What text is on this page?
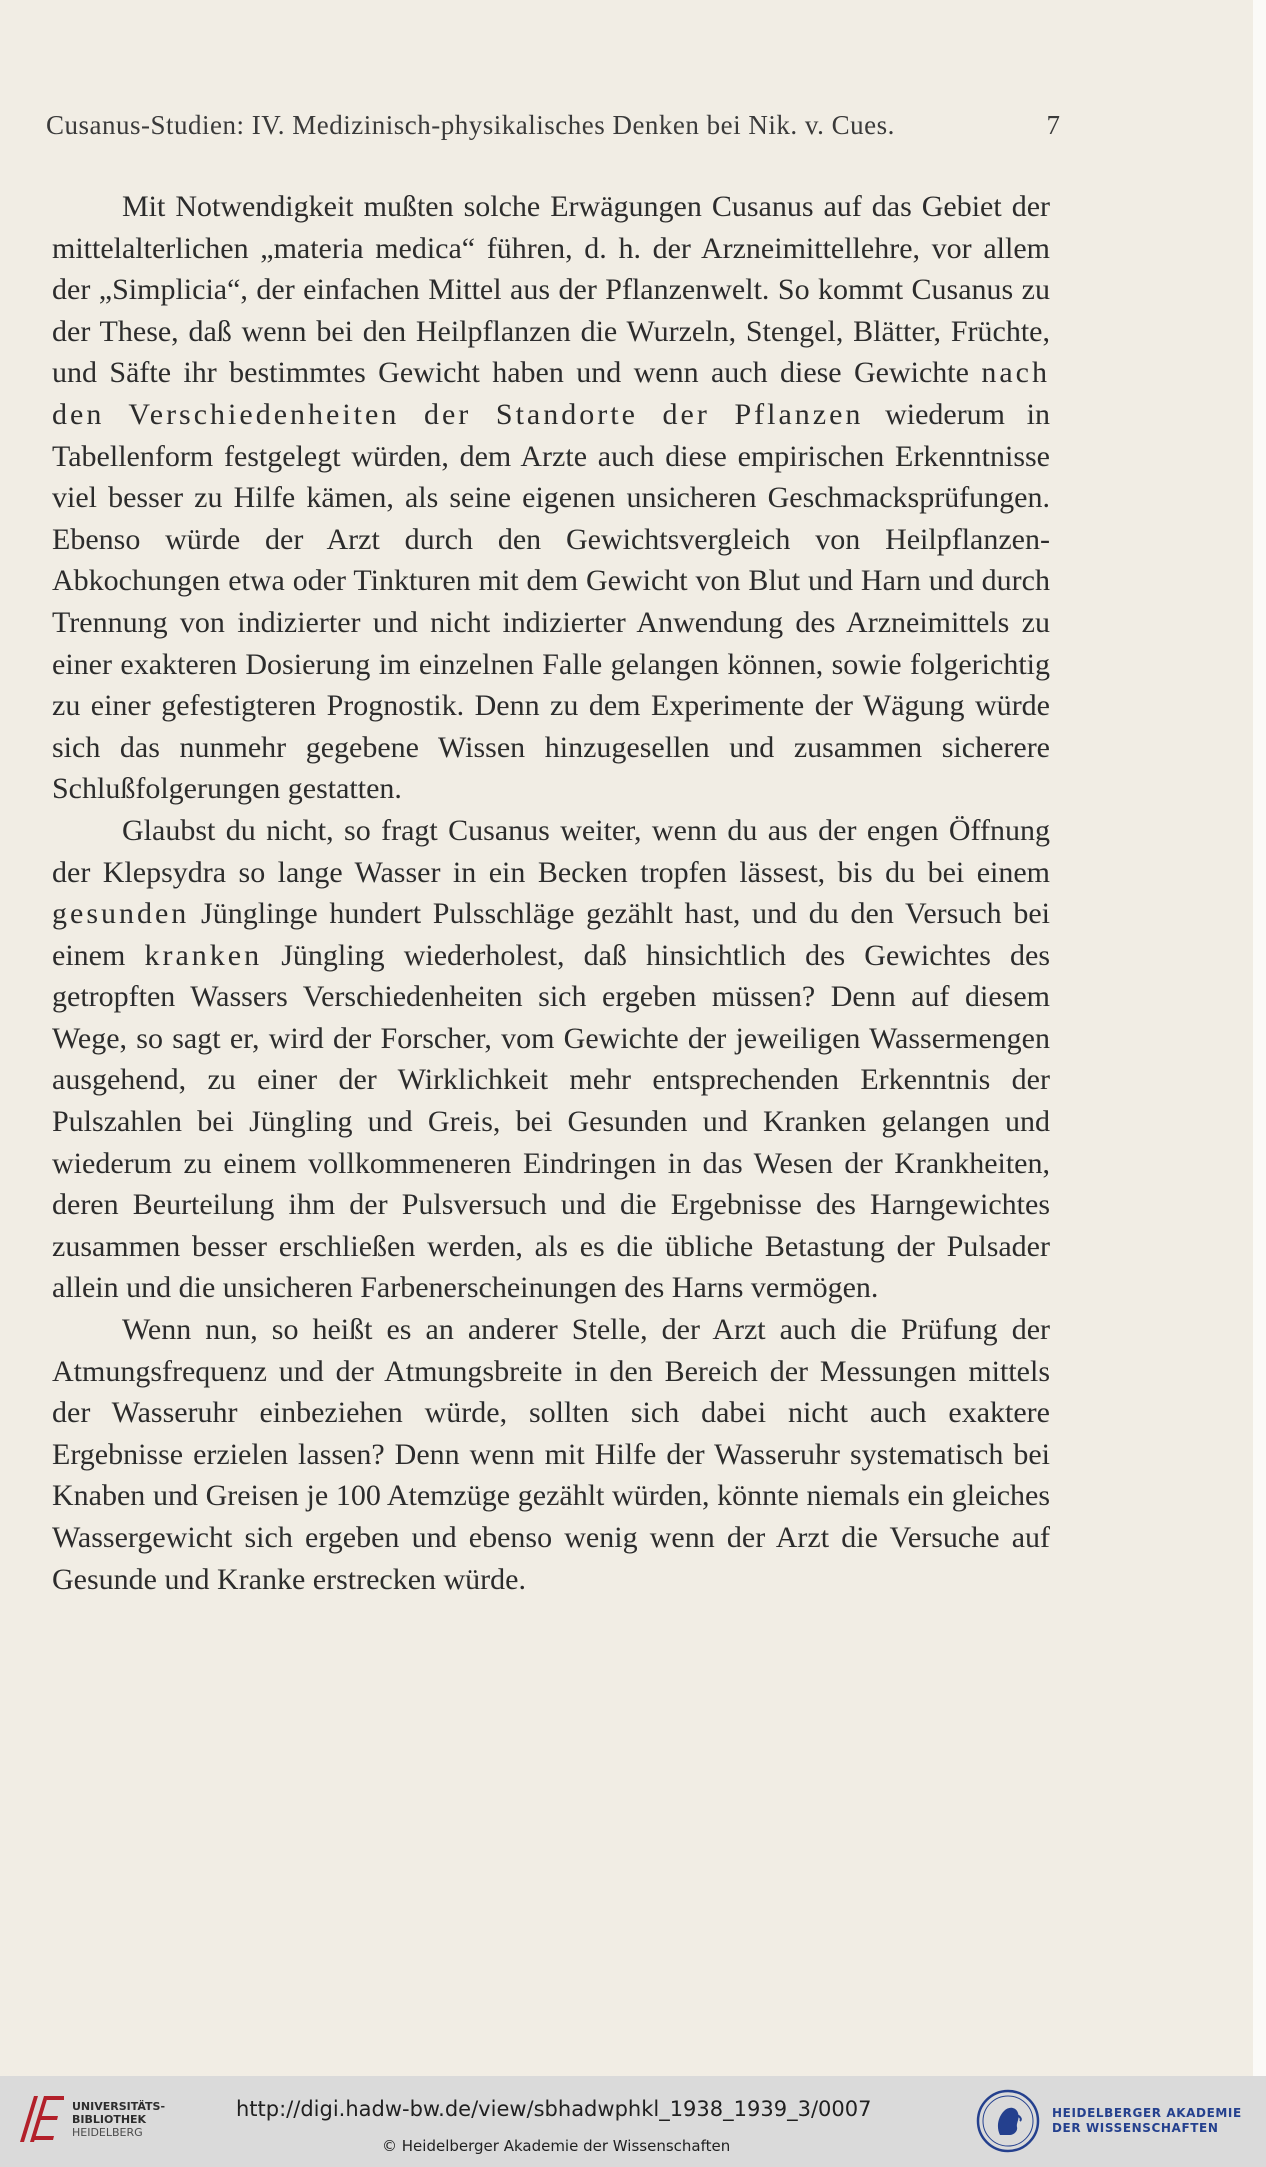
Cusanus-Studien: IV. Medizinisch-physikalisches Denken bei Nik. v. Cues.	7

Mit Notwendigkeit mußten solche Erwägungen Cusanus auf das Gebiet der mittelalterlichen „materia medica“ führen, d. h. der Arzneimittellehre, vor allem der „Simplicia“, der einfachen Mittel aus der Pflanzenwelt. So kommt Cusanus zu der These, daß wenn bei den Heilpflanzen die Wurzeln, Stengel, Blätter, Früchte, und Säfte ihr bestimmtes Gewicht haben und wenn auch diese Gewichte nach den Verschiedenheiten der Standorte der Pflanzen wiederum in Tabellenform festgelegt würden, dem Arzte auch diese empirischen Erkenntnisse viel besser zu Hilfe kämen, als seine eigenen unsicheren Geschmacksprüfungen. Ebenso würde der Arzt durch den Gewichtsvergleich von Heilpflanzen-Abkochungen etwa oder Tinkturen mit dem Gewicht von Blut und Harn und durch Trennung von indizierter und nicht indizierter Anwendung des Arzneimittels zu einer exakteren Dosierung im einzelnen Falle gelangen können, sowie folgerichtig zu einer gefestigteren Prognostik. Denn zu dem Experimente der Wägung würde sich das nunmehr gegebene Wissen hinzugesellen und zusammen sicherere Schlußfolgerungen gestatten.

Glaubst du nicht, so fragt Cusanus weiter, wenn du aus der engen Öffnung der Klepsydra so lange Wasser in ein Becken tropfen lässest, bis du bei einem gesunden Jünglinge hundert Pulsschläge gezählt hast, und du den Versuch bei einem kranken Jüngling wiederholest, daß hinsichtlich des Gewichtes des getropften Wassers Verschiedenheiten sich ergeben müssen? Denn auf diesem Wege, so sagt er, wird der Forscher, vom Gewichte der jeweiligen Wassermengen ausgehend, zu einer der Wirklichkeit mehr entsprechenden Erkenntnis der Pulszahlen bei Jüngling und Greis, bei Gesunden und Kranken gelangen und wiederum zu einem vollkommeneren Eindringen in das Wesen der Krankheiten, deren Beurteilung ihm der Pulsversuch und die Ergebnisse des Harngewichtes zusammen besser erschließen werden, als es die übliche Betastung der Pulsader allein und die unsicheren Farbenerscheinungen des Harns vermögen.

Wenn nun, so heißt es an anderer Stelle, der Arzt auch die Prüfung der Atmungsfrequenz und der Atmungsbreite in den Bereich der Messungen mittels der Wasseruhr einbeziehen würde, sollten sich dabei nicht auch exaktere Ergebnisse erzielen lassen? Denn wenn mit Hilfe der Wasseruhr systematisch bei Knaben und Greisen je 100 Atemzüge gezählt würden, könnte niemals ein gleiches Wassergewicht sich ergeben und ebenso wenig wenn der Arzt die Versuche auf Gesunde und Kranke erstrecken würde.

UNIVERSITÄTS-
BIBLIOTHEK
HEIDELBERG
http://digi.hadw-bw.de/view/sbhadwphkl_1938_1939_3/0007
© Heidelberger Akademie der Wissenschaften
HEIDELBERGER AKADEMIE
DER WISSENSCHAFTEN
